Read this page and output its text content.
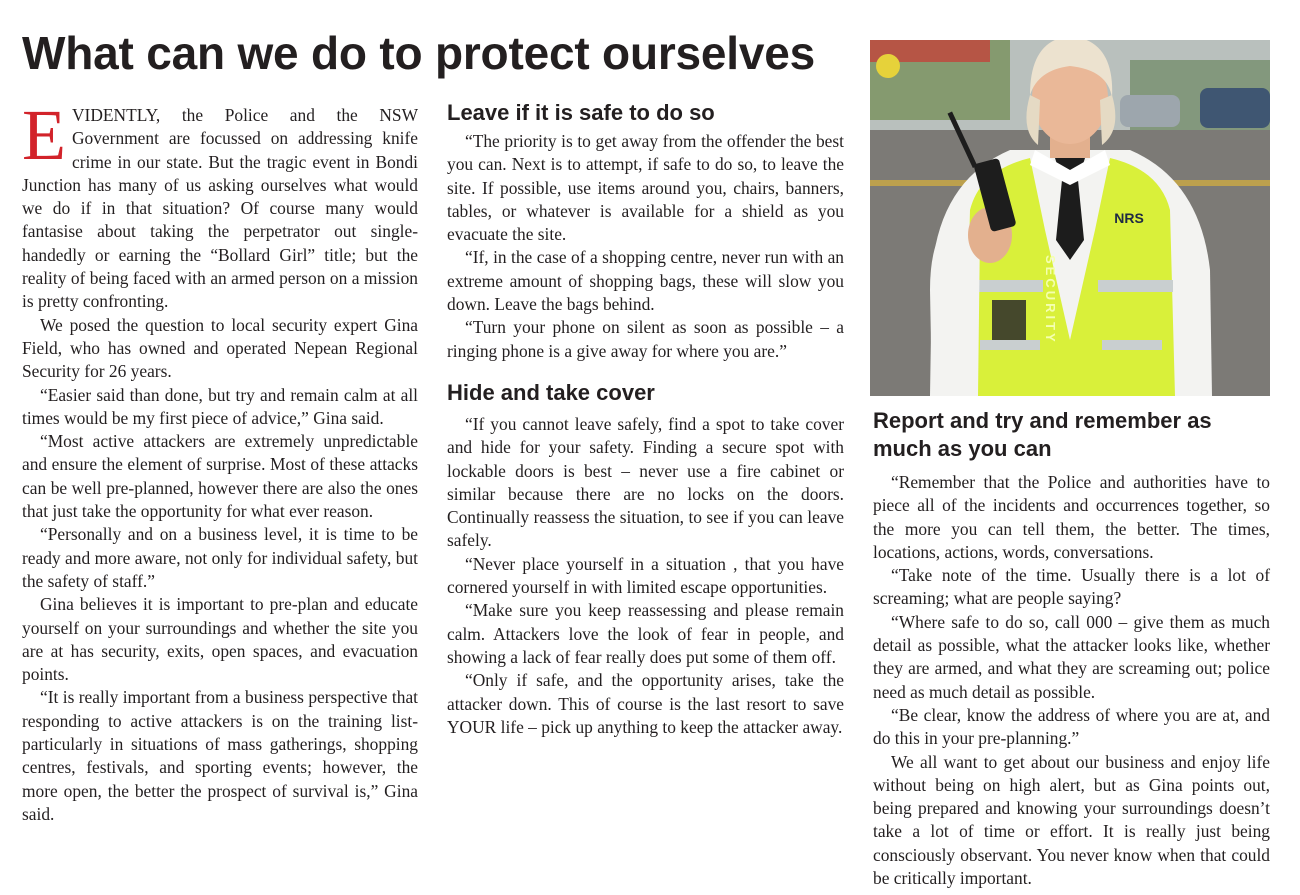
What can we do to protect ourselves

EVIDENTLY, the Police and the NSW Government are focussed on addressing knife crime in our state. But the tragic event in Bondi Junction has many of us asking ourselves what would we do if in that situation? Of course many would fantasise about taking the perpetrator out single-handedly or earning the “Bollard Girl” title; but the reality of being faced with an armed person on a mission is pretty confronting.

We posed the question to local security expert Gina Field, who has owned and operated Nepean Regional Security for 26 years.

“Easier said than done, but try and remain calm at all times would be my first piece of advice,” Gina said.

“Most active attackers are extremely unpredictable and ensure the element of surprise. Most of these attacks can be well pre-planned, however there are also the ones that just take the opportunity for what ever reason.

“Personally and on a business level, it is time to be ready and more aware, not only for individual safety, but the safety of staff.”

Gina believes it is important to pre-plan and educate yourself on your surroundings and whether the site you are at has security, exits, open spaces, and evacuation points.

“It is really important from a business perspective that responding to active attackers is on the training list- particularly in situations of mass gatherings, shopping centres, festivals, and sporting events; however, the more open, the better the prospect of survival is,” Gina said.

Leave if it is safe to do so

“The priority is to get away from the offender the best you can. Next is to attempt, if safe to do so, to leave the site. If possible, use items around you, chairs, banners, tables, or whatever is available for a shield as you evacuate the site.

“If, in the case of a shopping centre, never run with an extreme amount of shopping bags, these will slow you down. Leave the bags behind.

“Turn your phone on silent as soon as possible – a ringing phone is a give away for where you are.”

Hide and take cover

“If you cannot leave safely, find a spot to take cover and hide for your safety. Finding a secure spot with lockable doors is best – never use a fire cabinet or similar because there are no locks on the doors. Continually reassess the situation, to see if you can leave safely.

“Never place yourself in a situation , that you have cornered yourself in with limited escape opportunities.

“Make sure you keep reassessing and please remain calm. Attackers love the look of fear in people, and showing a lack of fear really does put some of them off.

“Only if safe, and the opportunity arises, take the attacker down. This of course is the last resort to save YOUR life – pick up anything to keep the attacker away.

NRS
SECURITY
Report and try and remember as much as you can

“Remember that the Police and authorities have to piece all of the incidents and occurrences together, so the more you can tell them, the better. The times, locations, actions, words, conversations.

“Take note of the time. Usually there is a lot of screaming; what are people saying?

“Where safe to do so, call 000 – give them as much detail as possible, what the attacker looks like, whether they are armed, and what they are screaming out; police need as much detail as possible.

“Be clear, know the address of where you are at, and do this in your pre-planning.”

We all want to get about our business and enjoy life without being on high alert, but as Gina points out, being prepared and knowing your surroundings doesn’t take a lot of time or effort. It is really just being consciously observant. You never know when that could be critically important.
